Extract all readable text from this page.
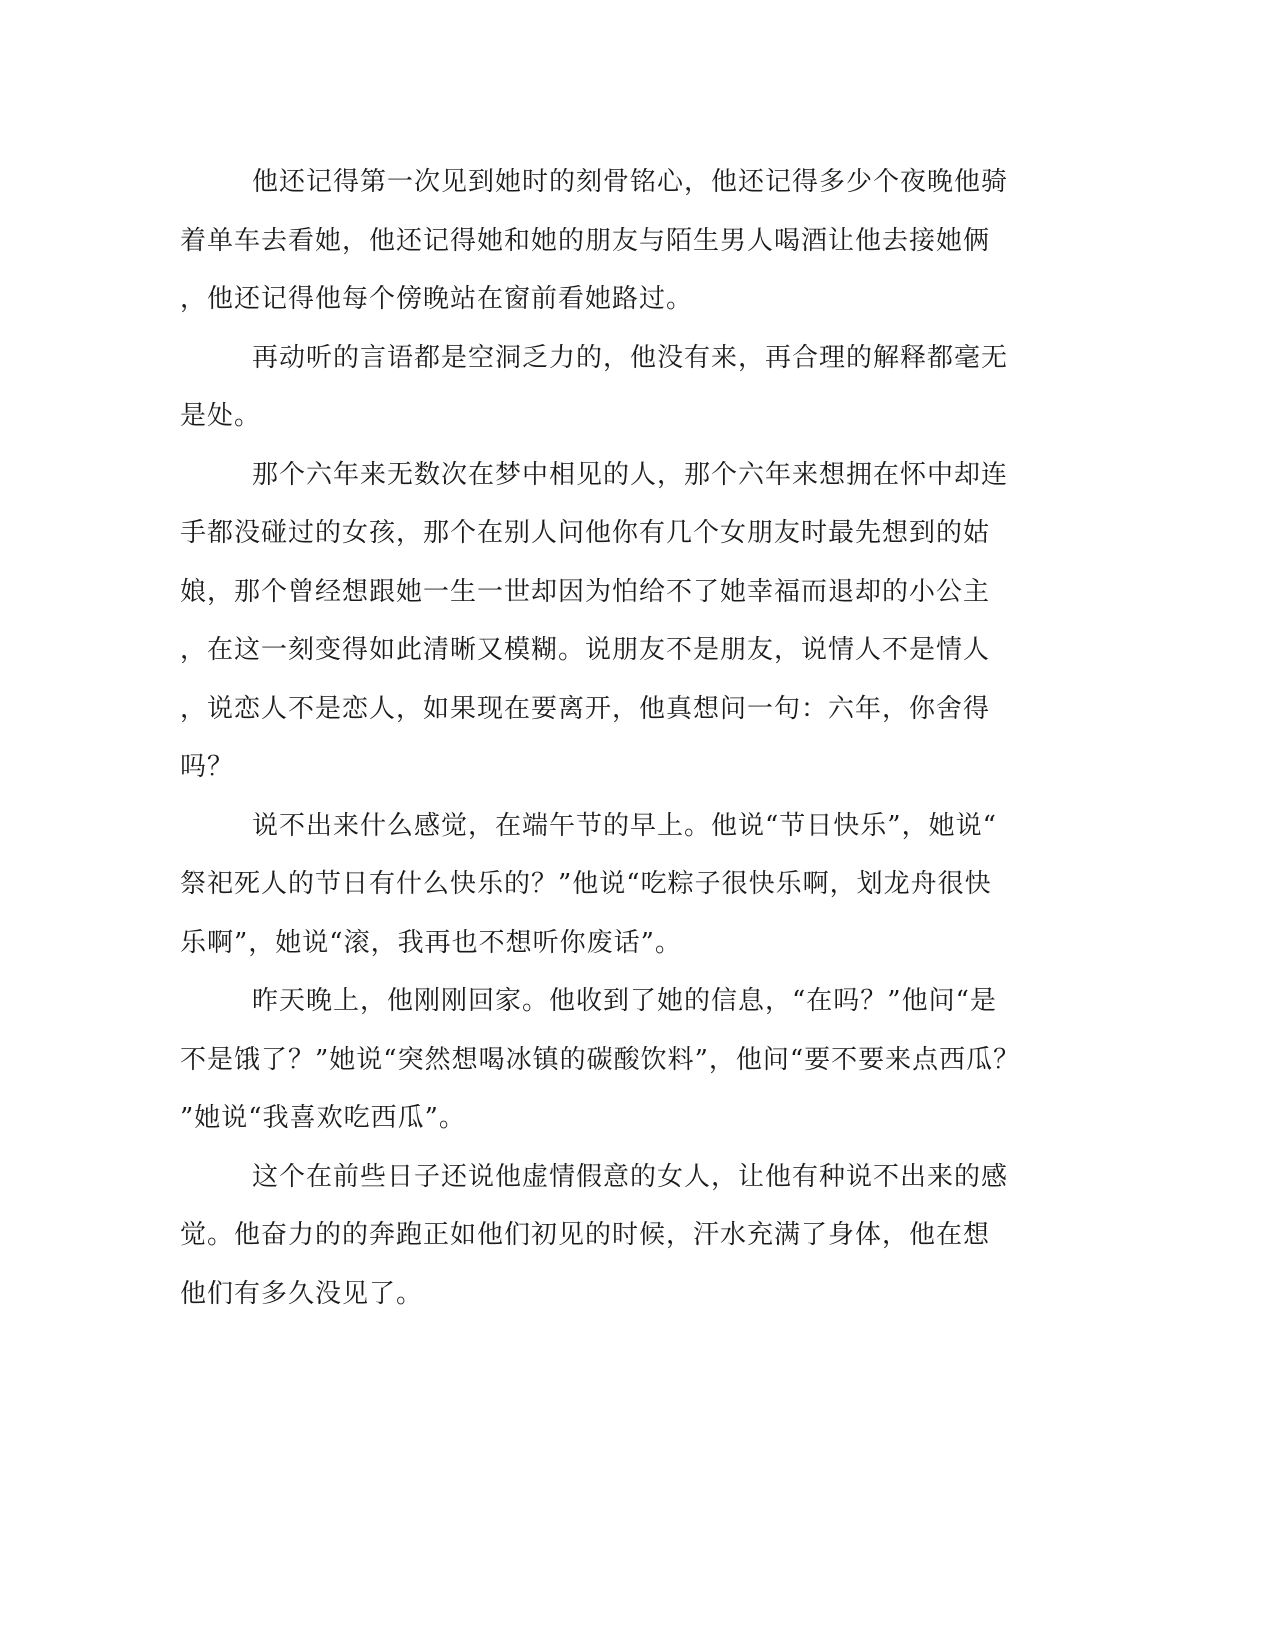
他还记得第一次见到她时的刻骨铭心，他还记得多少个夜晚他骑
着单车去看她，他还记得她和她的朋友与陌生男人喝酒让他去接她俩
，他还记得他每个傍晚站在窗前看她路过。
再动听的言语都是空洞乏力的，他没有来，再合理的解释都毫无
是处。
那个六年来无数次在梦中相见的人，那个六年来想拥在怀中却连
手都没碰过的女孩，那个在别人问他你有几个女朋友时最先想到的姑
娘，那个曾经想跟她一生一世却因为怕给不了她幸福而退却的小公主
，在这一刻变得如此清晰又模糊。说朋友不是朋友，说情人不是情人
，说恋人不是恋人，如果现在要离开，他真想问一句：六年，你舍得
吗？
说不出来什么感觉，在端午节的早上。他说“节日快乐”，她说“
祭祀死人的节日有什么快乐的？”他说“吃粽子很快乐啊，划龙舟很快
乐啊”，她说“滚，我再也不想听你废话”。
昨天晚上，他刚刚回家。他收到了她的信息，“在吗？”他问“是
不是饿了？”她说“突然想喝冰镇的碳酸饮料”，他问“要不要来点西瓜？
”她说“我喜欢吃西瓜”。
这个在前些日子还说他虚情假意的女人，让他有种说不出来的感
觉。他奋力的的奔跑正如他们初见的时候，汗水充满了身体，他在想
他们有多久没见了。
